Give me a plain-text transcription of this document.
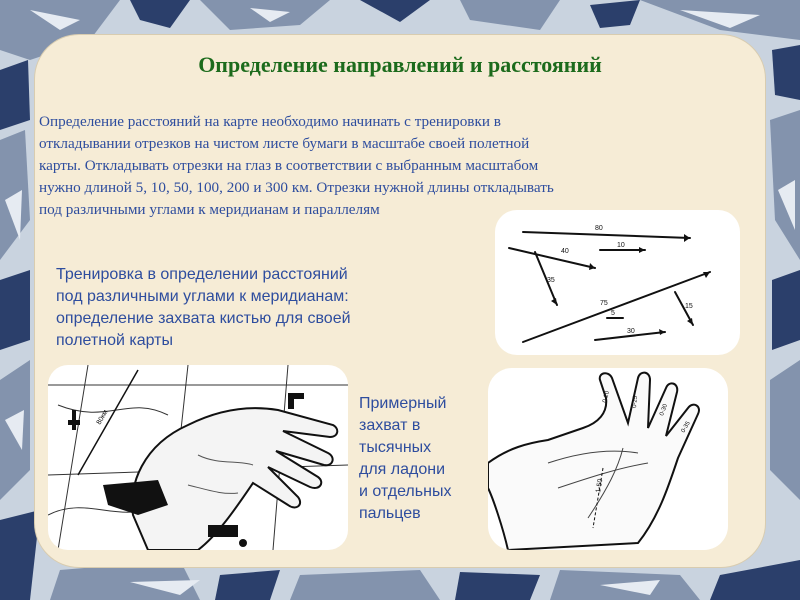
Определение направлений и расстояний
Определение расстояний на карте необходимо начинать с тренировки в
откладывании отрезков на чистом листе бумаги в масштабе своей полетной
карты. Откладывать отрезки на глаз в соответствии с выбранным масштабом
нужно длиной 5, 10, 50, 100, 200 и 300 км. Отрезки нужной длины откладывать
под различными углами к меридианам и параллелям
80
40
10
35
75
5
30
15
Тренировка в определении расстояний
под различными углами к меридианам:
определение захвата кистью для своей
полетной карты
80км
Примерный
захват в
тысячных
для ладони
и отдельных
пальцев
1-50
0-20	0-25
0-30
0-35
